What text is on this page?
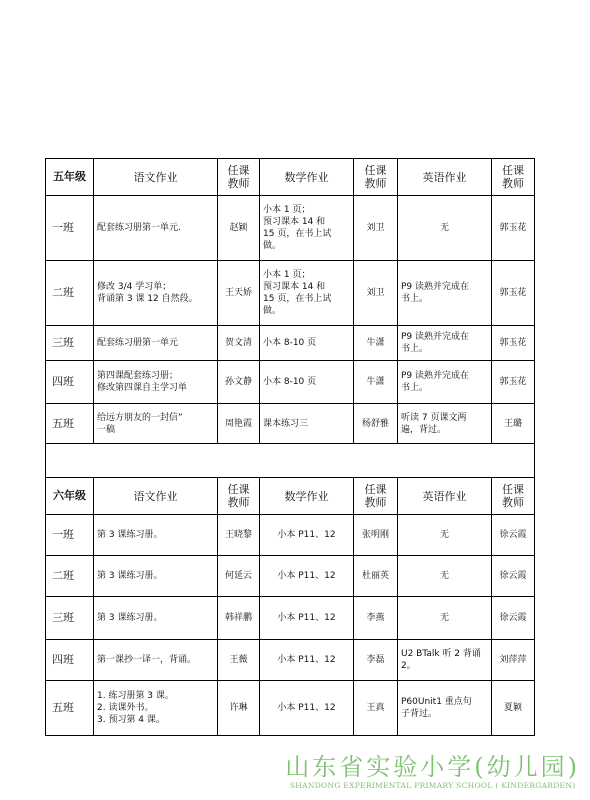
五年级	语文作业	任课教师	数学作业	任课教师	英语作业	任课教师
一班	配套练习册第一单元.	赵颖	小本 1 页；
预习课本 14 和
15 页，在书上试
做。	刘卫	无	郭玉花
二班	修改 3/4 学习单；
背诵第 3 课 12 自然段。	王天娇	小本 1 页；
预习课本 14 和
15 页，在书上试
做。	刘卫	P9 读熟并完成在
书上。	郭玉花
三班	配套练习册第一单元	贺文清	小本 8-10 页	牛潇	P9 读熟并完成在
书上。	郭玉花
四班	第四课配套练习册；
修改第四课自主学习单	孙文静	小本 8-10 页	牛潇	P9 读熟并完成在
书上。	郭玉花
五班	给远方朋友的一封信”
一稿	周艳霞	课本练习三	杨舒雅	听读 7 页课文两
遍，背过。	王璐
六年级	语文作业	任课教师	数学作业	任课教师	英语作业	任课教师
一班	第 3 课练习册。	王晓黎	小本 P11、12	张明刚	无	徐云霞
二班	第 3 课练习册。	何延云	小本 P11、12	杜丽英	无	徐云霞
三班	第 3 课练习册。	韩祥鹏	小本 P11、12	李燕	无	徐云霞
四班	第一课抄一译一，背诵。	王薇	小本 P11、12	李磊	U2 BTalk 听 2 背诵
2。	刘萍萍
五班	1. 练习册第 3 课。
2. 读课外书。
3. 预习第 4 课。	许琳	小本 P11、12	王真	P60Unit1 重点句
子背过。	夏颖
山东省实验小学(幼儿园)
SHANDONG EXPERIMENTAL PRIMARY SCHOOL ( KINDERGARDEN)
